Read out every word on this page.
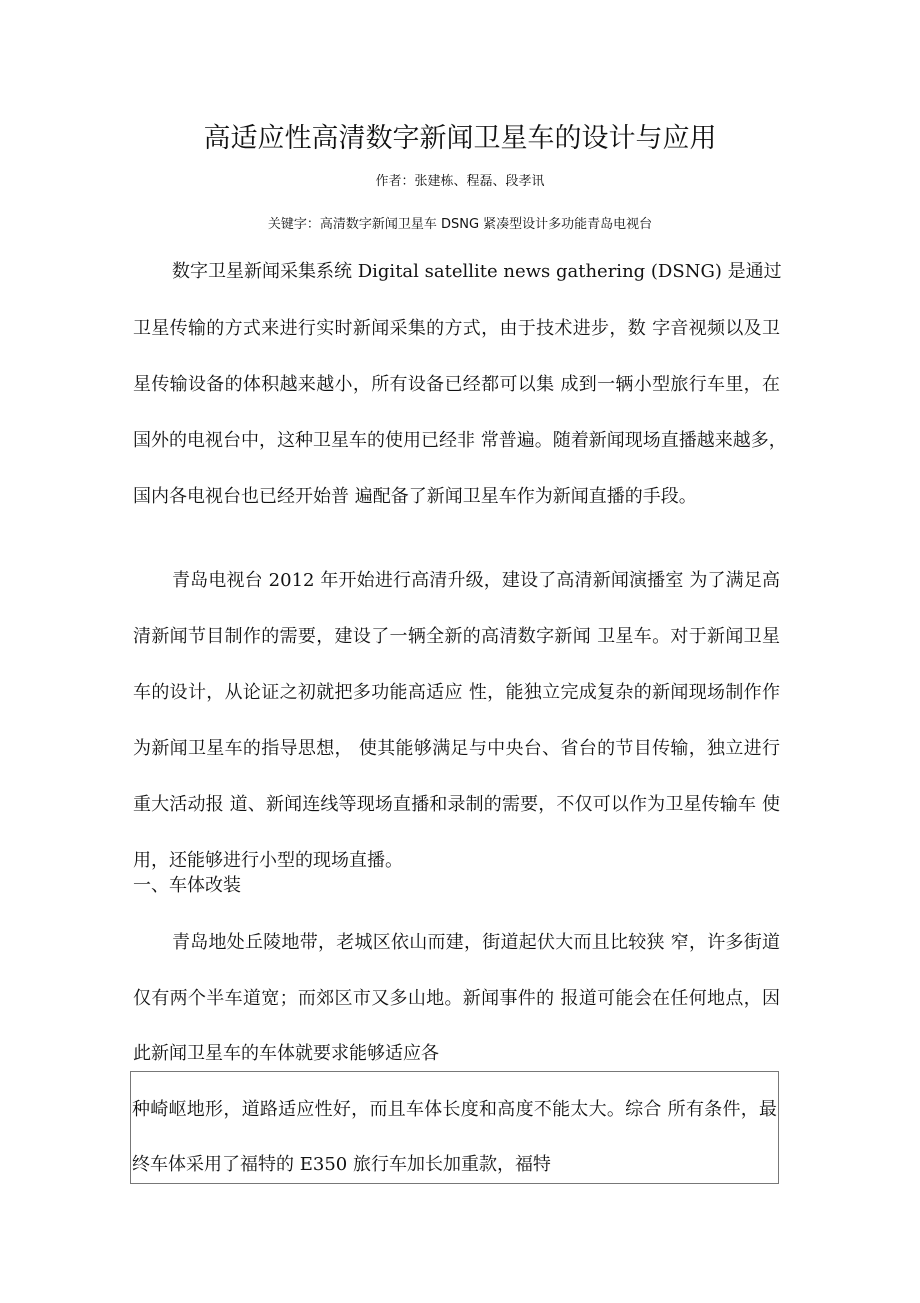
高适应性高清数字新闻卫星车的设计与应用
作者：张建栋、程磊、段孝讯
关键字：高清数字新闻卫星车 DSNG 紧凑型设计多功能青岛电视台
数字卫星新闻采集系统 Digital satellite news gathering (DSNG) 是通过
卫星传输的方式来进行实时新闻采集的方式，由于技术进步，数 字音视频以及卫
星传输设备的体积越来越小，所有设备已经都可以集 成到一辆小型旅行车里，在
国外的电视台中，这种卫星车的使用已经非 常普遍。随着新闻现场直播越来越多，
国内各电视台也已经开始普 遍配备了新闻卫星车作为新闻直播的手段。
青岛电视台 2012 年开始进行高清升级，建设了高清新闻演播室 为了满足高
清新闻节目制作的需要，建设了一辆全新的高清数字新闻 卫星车。对于新闻卫星
车的设计，从论证之初就把多功能高适应 性，能独立完成复杂的新闻现场制作作
为新闻卫星车的指导思想， 使其能够满足与中央台、省台的节目传输，独立进行
重大活动报 道、新闻连线等现场直播和录制的需要，不仅可以作为卫星传输车 使
用，还能够进行小型的现场直播。
一、车体改装
青岛地处丘陵地带，老城区依山而建，街道起伏大而且比较狭 窄，许多街道
仅有两个半车道宽；而郊区市又多山地。新闻事件的 报道可能会在任何地点，因
此新闻卫星车的车体就要求能够适应各
种崎岖地形，道路适应性好，而且车体长度和高度不能太大。综合 所有条件，最
终车体采用了福特的 E350 旅行车加长加重款，福特
